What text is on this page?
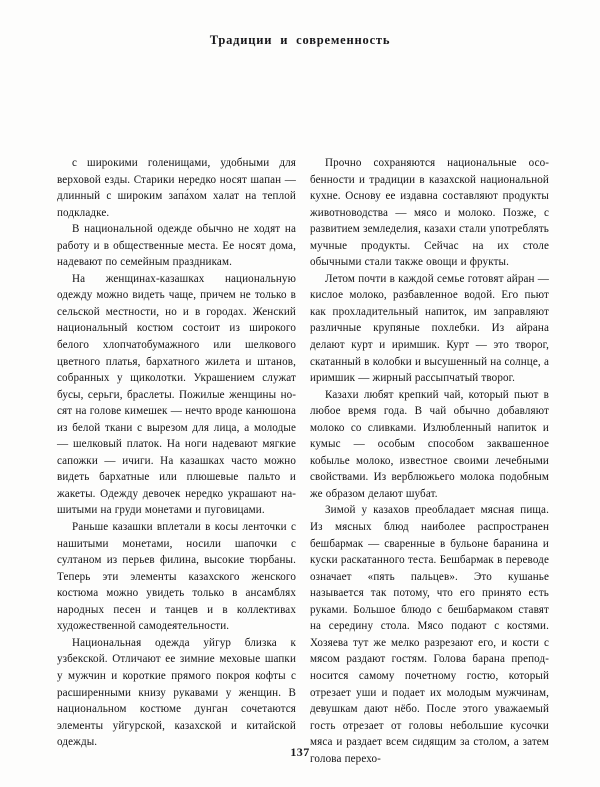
Традиции и современность

с широкими голенищами, удобными для верховой езды. Старики нередко носят шапан — длинный с широким запа́хом халат на теплой подкладке.

В национальной одежде обычно не ходят на работу и в общественные места. Ее носят дома, надевают по семейным праздникам.

На женщинах-казашках национальную одежду можно видеть чаще, причем не только в сельской местности, но и в городах. Женский национальный костюм состоит из широкого белого хлопчатобумажного или шелкового цветного платья, бархатного жилета и штанов, собранных у щиколотки. Украшением служат бусы, серьги, браслеты. Пожилые женщины носят на голове кимешек — нечто вроде канюшона из белой ткани с вырезом для лица, а молодые — шелковый платок. На ноги надевают мягкие сапожки — ичиги. На казашках часто можно видеть бархатные или плюшевые пальто и жакеты. Одежду девочек нередко украшают нашитыми на груди монетами и пуговицами.

Раньше казашки вплетали в косы ленточки с нашитыми монетами, носили шапочки с султаном из перьев филина, высокие тюрбаны. Теперь эти элементы казахского женского костюма можно увидеть только в ансамблях народных песен и танцев и в коллективах художественной самодеятельности.

Национальная одежда уйгур близка к узбекской. Отличают ее зимние меховые шапки у мужчин и короткие прямого покроя кофты с расширенными книзу рукавами у женщин. В национальном костюме дунган сочетаются элементы уйгурской, казахской и китайской одежды.

Прочно сохраняются национальные особенности и традиции в казахской национальной кухне. Основу ее издавна составляют продукты животноводства — мясо и молоко. Позже, с развитием земледелия, казахи стали употреблять мучные продукты. Сейчас на их столе обычными стали также овощи и фрукты.

Летом почти в каждой семье готовят айран — кислое молоко, разбавленное водой. Его пьют как прохладительный напиток, им заправляют различные крупяные похлебки. Из айрана делают курт и иримшик. Курт — это творог, скатанный в колобки и высушенный на солнце, а иримшик — жирный рассыпчатый творог.

Казахи любят крепкий чай, который пьют в любое время года. В чай обычно добавляют молоко со сливками. Излюбленный напиток и кумыс — особым способом заквашенное кобылье молоко, известное своими лечебными свойствами. Из верблюжьего молока подобным же образом делают шубат.

Зимой у казахов преобладает мясная пища. Из мясных блюд наиболее распространен бешбармак — сваренные в бульоне баранина и куски раскатанного теста. Бешбармак в переводе означает «пять пальцев». Это кушанье называется так потому, что его принято есть руками. Большое блюдо с бешбармаком ставят на середину стола. Мясо подают с костями. Хозяева тут же мелко разрезают его, и кости с мясом раздают гостям. Голова барана преподносится самому почетному гостю, который отрезает уши и подает их молодым мужчинам, девушкам дают нёбо. После этого уважаемый гость отрезает от головы небольшие кусочки мяса и раздает всем сидящим за столом, а затем голова перехо-

137
